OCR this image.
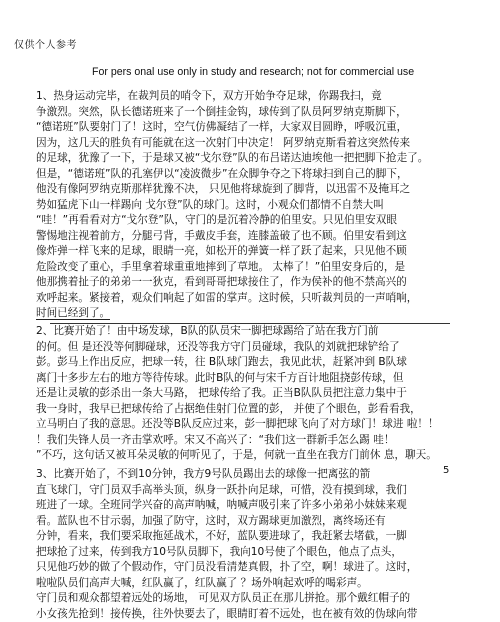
仅供个人参考
For pers onal use only in study and research; not for commercial use
1、热身运动完毕，在裁判员的哨令下，双方开始争夺足球，你踢我扫，竟
争激烈。突然，队长德诺班来了一个倒挂金钩，球传到了队员阿罗纳克斯脚下，
“德诺班”队要射门了！这时，空气仿佛凝结了一样，大家双目圆睁，呼吸沉重，
因为，这几天的胜负有可能就在这一次射门中决定！ 阿罗纳克斯看着这突然传来
的足球，犹豫了一下，于是球又被“戈尔登”队的布吕诺达迪埃他一把把脚下抢走了。
但是，“德诺班”队的孔塞伊以“凌波微步”在众脚争夺之下将球扫到自己的脚下，
他没有像阿罗纳克斯那样犹豫不决， 只见他将球旋到了脚背，以迅雷不及掩耳之
势如猛虎下山一样踢向 戈尔登”队的球门。这时，小观众们都情不自禁大叫
“哇！”再看看对方“戈尔登”队，守门的是沉着冷静的伯里安。只见伯里安双眼
警惕地注视着前方，分腿弓背，手戴皮手套，连膝盖破了也不顾。伯里安看到这
像炸弹一样飞来的足球，眼睛一亮，如松开的弹簧一样了跃了起来，只见他不顾
危险改变了重心，手里拿着球重重地摔到了草地。 太棒了！”伯里安身后的，是
他那携着扯子的弟弟一一狄克，看到哥哥把球接住了，作为侯补的他不禁高兴的
欢呼起来。紧接着，观众们响起了如雷的掌声。这时候，只听裁判员的一声哨响，
时间已经到了。
2、比赛开始了！由中场发球，B队的队员宋一脚把球踢给了站在我方门前
的何。但 是还没等何脚碰球，还没等我方守门员碰球，我队的刘就把球铲给了
彭。彭马上作出反应，把球一转，往 B队球门跑去，我见此状，赶紧冲到 B队球
离门十多步左右的地方等待传球。此时B队的何与宋千方百计地阻挠彭传球，但
还是让灵敏的彭杀出一条大马路， 把球传给了我。正当B队队员把注意力集中于
我一身时，我早已把球传给了占据绝佳射门位置的彭， 并使了个眼色，彭看看我，
立马明白了我的意思。还没等B队反应过来，彭一脚把球飞向了对方球门！球进 啦！！
！我们失锋人员一齐击掌欢呼。宋又不高兴了：“我们这一群新手怎么踢 哇！
”不巧，这句话又被耳朵灵敏的何听见了，于是，何就一直坐在我方门前休 息，聊天。
3、比赛开始了，不到10分钟，我方9号队员踢出去的球像一把离弦的箭
直飞球门，守门员双手高举头顶，纵身一跃扑向足球，可惜，没有摸到球，我们
班进了一球。全班同学兴奋的高声呐喊，呐喊声吸引来了许多小弟弟小妹妹来观
看。蓝队也不甘示弱，加强了防守，这时，双方踢球更加激烈，离终场还有
分钟，看来，我们要采取拖延战术，不好，蓝队要进球了，我赶紧去堵截，一脚
把球抢了过来，传到我方10号队员脚下，我向10号使了个眼色，他点了点头，
只见他巧妙的做了个假动作，守门员没看清楚真假，扑了空，啊！球进了。这时，
啦啦队员们高声大喊，红队赢了，红队赢了 ？场外响起欢呼的喝彩声。
守门员和观众都望着远处的场地， 可见双方队员正在那儿拼抢。那个戴红帽子的
小女孩先抢到！接传换，往外快要去了，眼睛盯着不远处，也在被有效的伪球向带
5
